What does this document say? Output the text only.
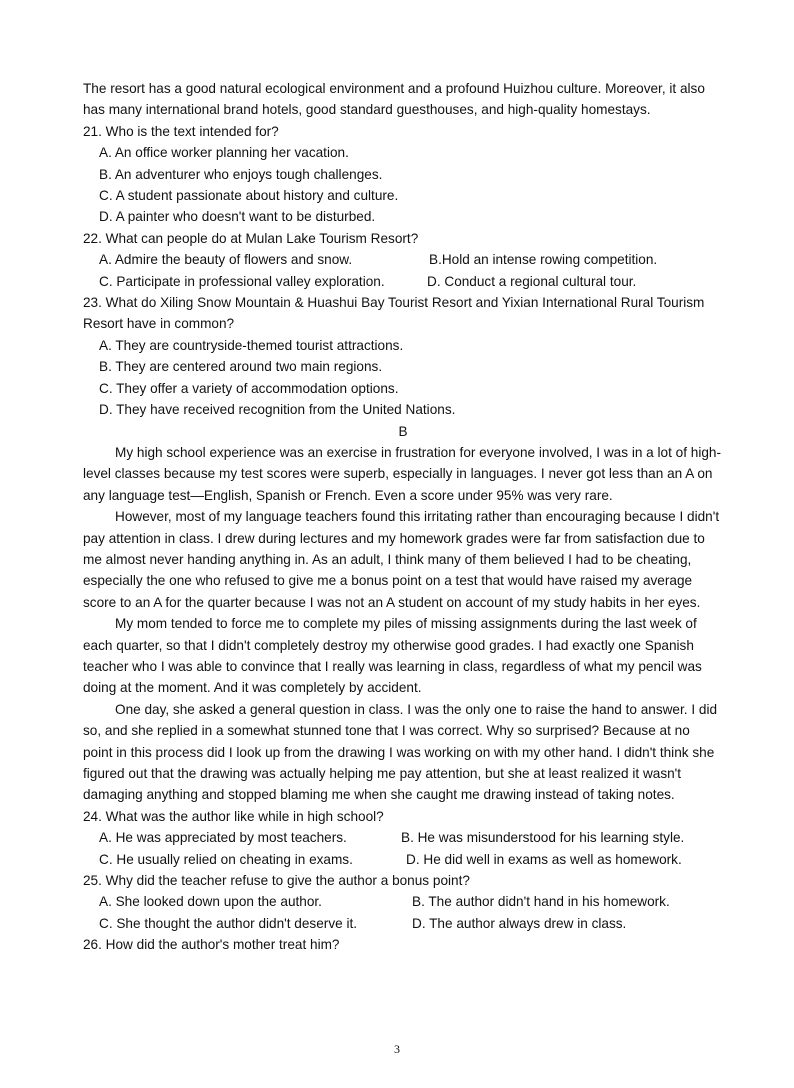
The resort has a good natural ecological environment and a profound Huizhou culture. Moreover, it also has many international brand hotels, good standard guesthouses, and high-quality homestays.

21. Who is the text intended for?
A. An office worker planning her vacation.
B. An adventurer who enjoys tough challenges.
C. A student passionate about history and culture.
D. A painter who doesn't want to be disturbed.
22. What can people do at Mulan Lake Tourism Resort?
A. Admire the beauty of flowers and snow.	B.Hold an intense rowing competition.
C. Participate in professional valley exploration.	D. Conduct a regional cultural tour.
23. What do Xiling Snow Mountain & Huashui Bay Tourist Resort and Yixian International Rural Tourism Resort have in common?
A. They are countryside-themed tourist attractions.
B. They are centered around two main regions.
C. They offer a variety of accommodation options.
D. They have received recognition from the United Nations.
B

My high school experience was an exercise in frustration for everyone involved, I was in a lot of high-level classes because my test scores were superb, especially in languages. I never got less than an A on any language test—English, Spanish or French. Even a score under 95% was very rare.

However, most of my language teachers found this irritating rather than encouraging because I didn't pay attention in class. I drew during lectures and my homework grades were far from satisfaction due to me almost never handing anything in. As an adult, I think many of them believed I had to be cheating, especially the one who refused to give me a bonus point on a test that would have raised my average score to an A for the quarter because I was not an A student on account of my study habits in her eyes.

My mom tended to force me to complete my piles of missing assignments during the last week of each quarter, so that I didn't completely destroy my otherwise good grades. I had exactly one Spanish teacher who I was able to convince that I really was learning in class, regardless of what my pencil was doing at the moment. And it was completely by accident.

One day, she asked a general question in class. I was the only one to raise the hand to answer. I did so, and she replied in a somewhat stunned tone that I was correct. Why so surprised? Because at no point in this process did I look up from the drawing I was working on with my other hand. I didn't think she figured out that the drawing was actually helping me pay attention, but she at least realized it wasn't damaging anything and stopped blaming me when she caught me drawing instead of taking notes.

24. What was the author like while in high school?
A. He was appreciated by most teachers.	B. He was misunderstood for his learning style.
C. He usually relied on cheating in exams.	D. He did well in exams as well as homework.
25. Why did the teacher refuse to give the author a bonus point?
A. She looked down upon the author.	B. The author didn't hand in his homework.
C. She thought the author didn't deserve it.	D. The author always drew in class.
26. How did the author's mother treat him?
3
